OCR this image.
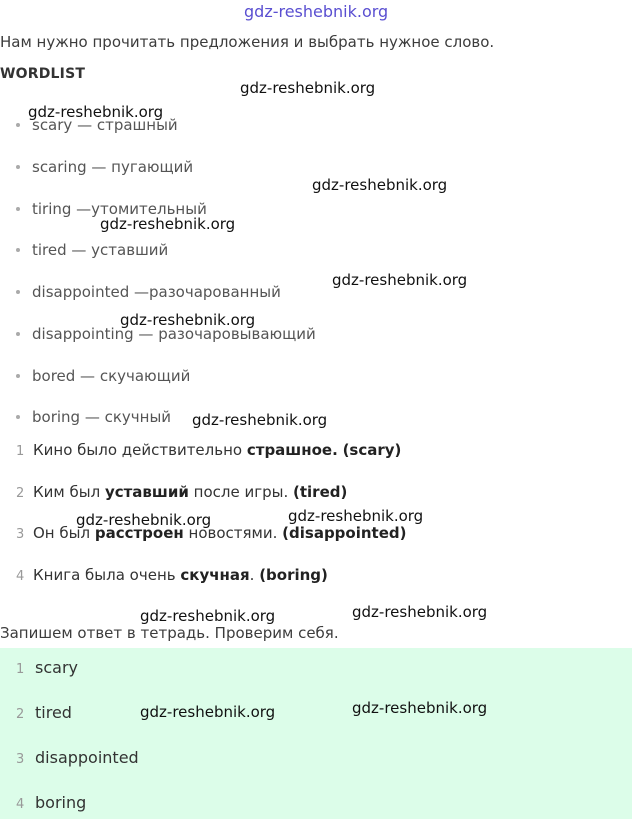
gdz-reshebnik.org
Нам нужно прочитать предложения и выбрать нужное слово.
WORDLIST
scary — страшный
scaring — пугающий
tiring —утомительный
tired — уставший
disappointed —разочарованный
disappointing — разочаровывающий
bored — скучающий
boring — скучный
1 Кино было действительно страшное. (scary)
2 Ким был уставший после игры. (tired)
3 Он был расстроен новостями. (disappointed)
4 Книга была очень скучная. (boring)
Запишем ответ в тетрадь. Проверим себя.
1 scary
2 tired
3 disappointed
4 boring
gdz-reshebnik.org
gdz-reshebnik.org
gdz-reshebnik.org
gdz-reshebnik.org
gdz-reshebnik.org
gdz-reshebnik.org
gdz-reshebnik.org
gdz-reshebnik.org	gdz-reshebnik.org
gdz-reshebnik.org	gdz-reshebnik.org
gdz-reshebnik.org	gdz-reshebnik.org
